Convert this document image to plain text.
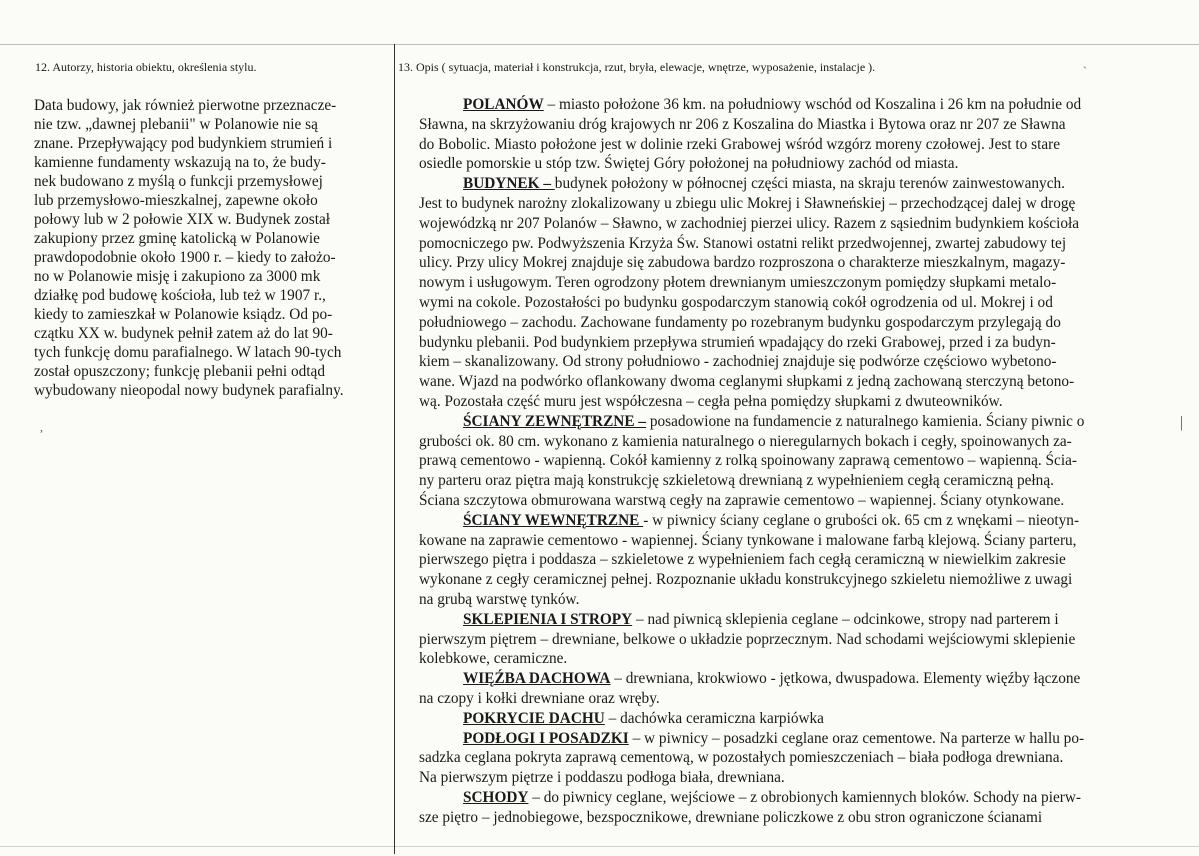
12. Autorzy, historia obiektu, określenia stylu.	13. Opis ( sytuacja, materiał i konstrukcja, rzut, bryła, elewacje, wnętrze, wyposażenie, instalacje ).
Data budowy, jak również pierwotne przeznacze-
nie tzw. „dawnej plebanii" w Polanowie nie są
znane. Przepływający pod budynkiem strumień i
kamienne fundamenty wskazują na to, że budy-
nek budowano z myślą o funkcji przemysłowej
lub przemysłowo-mieszkalnej, zapewne około
połowy lub w 2 połowie XIX w. Budynek został
zakupiony przez gminę katolicką w Polanowie
prawdopodobnie około 1900 r. – kiedy to założo-
no w Polanowie misję i zakupiono za 3000 mk
działkę pod budowę kościoła, lub też w 1907 r.,
kiedy to zamieszkał w Polanowie ksiądz. Od po-
czątku XX w. budynek pełnił zatem aż do lat 90-
tych funkcję domu parafialnego. W latach 90-tych
został opuszczony; funkcję plebanii pełni odtąd
wybudowany nieopodal nowy budynek parafialny.
POLANÓW – miasto położone 36 km. na południowy wschód od Koszalina i 26 km na południe od
Sławna, na skrzyżowaniu dróg krajowych nr 206 z Koszalina do Miastka i Bytowa oraz nr 207 ze Sławna
do Bobolic. Miasto położone jest w dolinie rzeki Grabowej wśród wzgórz moreny czołowej. Jest to stare
osiedle pomorskie u stóp tzw. Świętej Góry położonej na południowy zachód od miasta.
BUDYNEK – budynek położony w północnej części miasta, na skraju terenów zainwestowanych.
Jest to budynek narożny zlokalizowany u zbiegu ulic Mokrej i Sławneńskiej – przechodzącej dalej w drogę
wojewódzką nr 207 Polanów – Sławno, w zachodniej pierzei ulicy. Razem z sąsiednim budynkiem kościoła
pomocniczego pw. Podwyższenia Krzyża Św. Stanowi ostatni relikt przedwojennej, zwartej zabudowy tej
ulicy. Przy ulicy Mokrej znajduje się zabudowa bardzo rozproszona o charakterze mieszkalnym, magazy-
nowym i usługowym. Teren ogrodzony płotem drewnianym umieszczonym pomiędzy słupkami metalo-
wymi na cokole. Pozostałości po budynku gospodarczym stanowią cokół ogrodzenia od ul. Mokrej i od
południowego – zachodu. Zachowane fundamenty po rozebranym budynku gospodarczym przylegają do
budynku plebanii. Pod budynkiem przepływa strumień wpadający do rzeki Grabowej, przed i za budyn-
kiem – skanalizowany. Od strony południowo - zachodniej znajduje się podwórze częściowo wybetono-
wane. Wjazd na podwórko oflankowany dwoma ceglanymi słupkami z jedną zachowaną sterczyną betono-
wą. Pozostała część muru jest współczesna – cegła pełna pomiędzy słupkami z dwuteowników.
ŚCIANY ZEWNĘTRZNE – posadowione na fundamencie z naturalnego kamienia. Ściany piwnic o
grubości ok. 80 cm. wykonano z kamienia naturalnego o nieregularnych bokach i cegły, spoinowanych za-
prawą cementowo - wapienną. Cokół kamienny z rolką spoinowany zaprawą cementowo – wapienną. Ścia-
ny parteru oraz piętra mają konstrukcję szkieletową drewnianą z wypełnieniem cegłą ceramiczną pełną.
Ściana szczytowa obmurowana warstwą cegły na zaprawie cementowo – wapiennej. Ściany otynkowane.
ŚCIANY WEWNĘTRZNE - w piwnicy ściany ceglane o grubości ok. 65 cm z wnękami – nieotyn-
kowane na zaprawie cementowo - wapiennej. Ściany tynkowane i malowane farbą klejową. Ściany parteru,
pierwszego piętra i poddasza – szkieletowe z wypełnieniem fach cegłą ceramiczną w niewielkim zakresie
wykonane z cegły ceramicznej pełnej. Rozpoznanie układu konstrukcyjnego szkieletu niemożliwe z uwagi
na grubą warstwę tynków.
SKLEPIENIA I STROPY – nad piwnicą sklepienia ceglane – odcinkowe, stropy nad parterem i
pierwszym piętrem – drewniane, belkowe o układzie poprzecznym. Nad schodami wejściowymi sklepienie
kolebkowe, ceramiczne.
WIĘŹBA DACHOWA – drewniana, krokwiowo - jętkowa, dwuspadowa. Elementy więźby łączone
na czopy i kołki drewniane oraz wręby.
POKRYCIE DACHU – dachówka ceramiczna karpiówka
PODŁOGI I POSADZKI – w piwnicy – posadzki ceglane oraz cementowe. Na parterze w hallu po-
sadzka ceglana pokryta zaprawą cementową, w pozostałych pomieszczeniach – biała podłoga drewniana.
Na pierwszym piętrze i poddaszu podłoga biała, drewniana.
SCHODY – do piwnicy ceglane, wejściowe – z obrobionych kamiennych bloków. Schody na pierw-
sze piętro – jednobiegowe, bezspocznikowe, drewniane policzkowe z obu stron ograniczone ścianami
`
|
,
